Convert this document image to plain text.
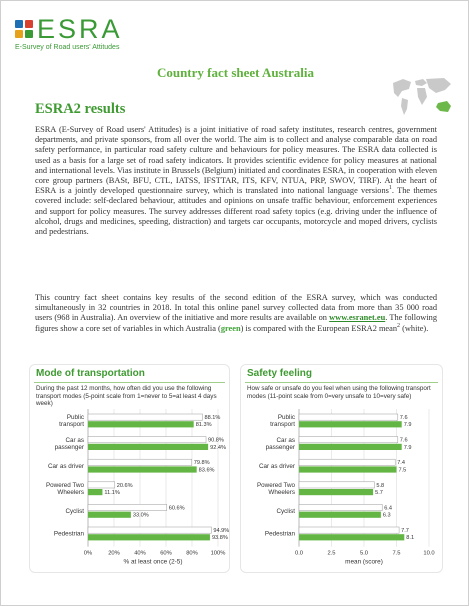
ESRA
E-Survey of Road users' Attitudes
Country fact sheet Australia
ESRA2 results
ESRA (E-Survey of Road users' Attitudes) is a joint initiative of road safety institutes, research centres, government departments, and private sponsors, from all over the world. The aim is to collect and analyse comparable data on road safety performance, in particular road safety culture and behaviours for policy measures. The ESRA data collected is used as a basis for a large set of road safety indicators. It provides scientific evidence for policy measures at national and international levels. Vias institute in Brussels (Belgium) initiated and coordinates ESRA, in cooperation with eleven core group partners (BASt, BFU, CTL, IATSS, IFSTTAR, ITS, KFV, NTUA, PRP, SWOV, TIRF). At the heart of ESRA is a jointly developed questionnaire survey, which is translated into national language versions$^1$. The themes covered include: self-declared behaviour, attitudes and opinions on unsafe traffic behaviour, enforcement experiences and support for policy measures. The survey addresses different road safety topics (e.g. driving under the influence of alcohol, drugs and medicines, speeding, distraction) and targets car occupants, motorcycle and moped drivers, cyclists and pedestrians.
This country fact sheet contains key results of the second edition of the ESRA survey, which was conducted simultaneously in 32 countries in 2018. In total this online panel survey collected data from more than 35 000 road users (968 in Australia). An overview of the initiative and more results are available on www.esranet.eu. The following figures show a core set of variables in which Australia (green) is compared with the European ESRA2 mean$^2$ (white).
Mode of transportation
During the past 12 months, how often did you use the following transport modes (5-point scale from 1=never to 5=at least 4 days week)
0%	20% 40% 60% 80% 100%
% at least once (2-5)
Public
transport
88.1%
81.3%
Car as
passenger
90.8%
92.4%
Car as driver	79.8%
83.6%
Powered Two
Wheelers
20.6%
11.1%
Cyclist	60.6%
33.0%
Pedestrian	94.9%
93.8%
Safety feeling
How safe or unsafe do you feel when using the following transport modes (11-point scale from 0=very unsafe to 10=very safe)
0.0	2.5	5.0	7.5	10.0
mean (score)
Public
transport
7.6
7.9
Car as
passenger
7.6
7.9
Car as driver	7.4
7.5
Powered Two
Wheelers
5.8
5.7
Cyclist	6.4
6.3
Pedestrian	7.7
8.1
